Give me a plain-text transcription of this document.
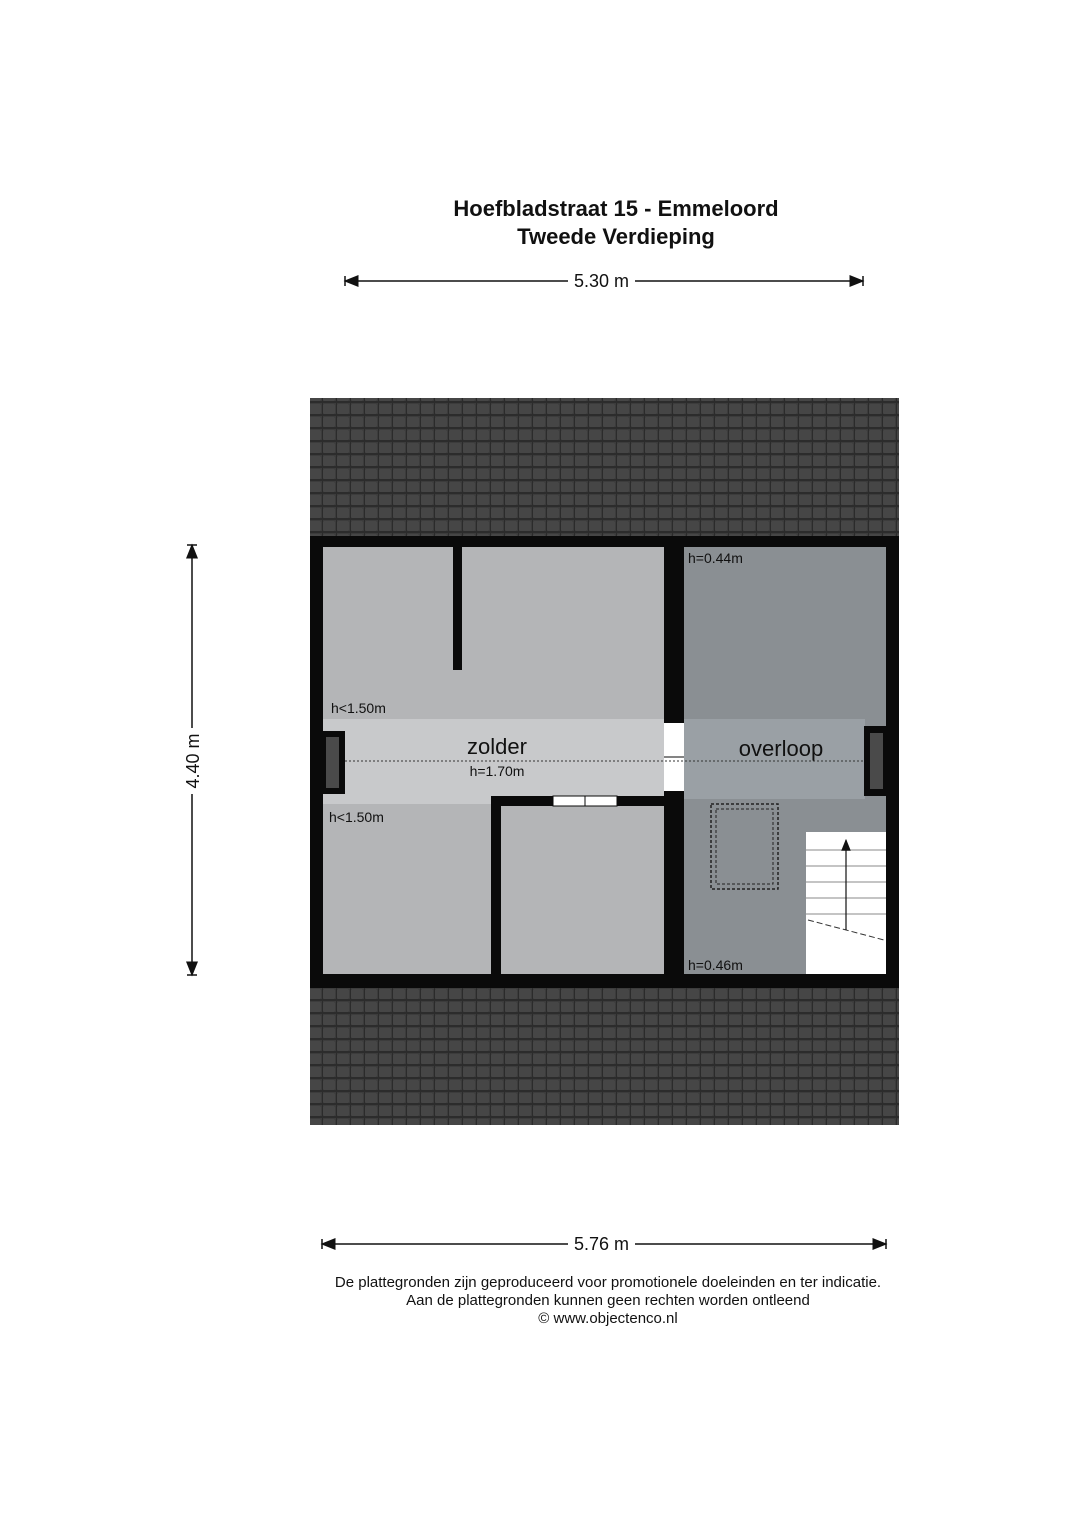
Hoefbladstraat 15 - Emmeloord
Tweede Verdieping
zolder
h=1.70m
overloop
h<1.50m
h<1.50m
h=0.44m
h=0.46m
4.40 m
5.30 m
5.76 m
De plattegronden zijn geproduceerd voor promotionele doeleinden en ter indicatie.
Aan de plattegronden kunnen geen rechten worden ontleend
© www.objectenco.nl
